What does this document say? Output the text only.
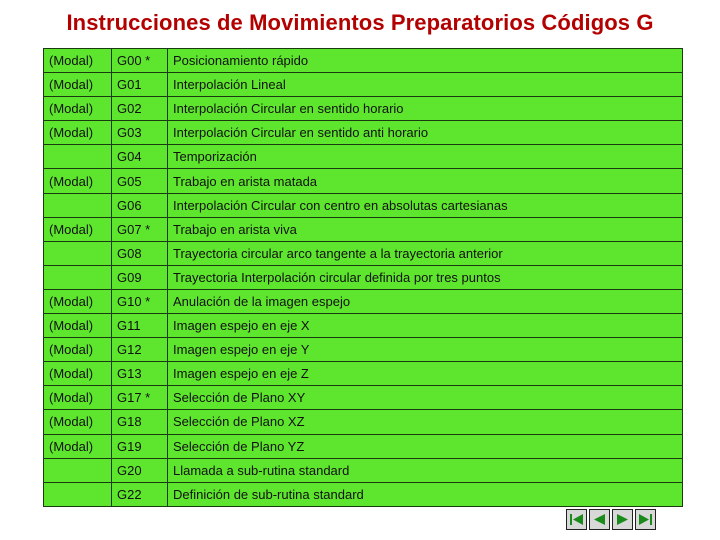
Instrucciones de Movimientos Preparatorios Códigos G
(Modal)	G00 *	Posicionamiento rápido
(Modal)	G01	Interpolación Lineal
(Modal)	G02	Interpolación Circular en sentido horario
(Modal)	G03	Interpolación Circular en sentido anti horario
	G04	Temporización
(Modal)	G05	Trabajo en arista matada
	G06	Interpolación Circular con centro en absolutas cartesianas
(Modal)	G07 *	Trabajo en arista viva
	G08	Trayectoria circular arco tangente a la trayectoria anterior
	G09	Trayectoria Interpolación circular definida por tres puntos
(Modal)	G10 *	Anulación de la imagen espejo
(Modal)	G11	Imagen espejo en eje X
(Modal)	G12	Imagen espejo en eje Y
(Modal)	G13	Imagen espejo en eje Z
(Modal)	G17 *	Selección de Plano XY
(Modal)	G18	Selección de Plano XZ
(Modal)	G19	Selección de Plano YZ
	G20	Llamada a sub-rutina standard
	G22	Definición de sub-rutina standard
